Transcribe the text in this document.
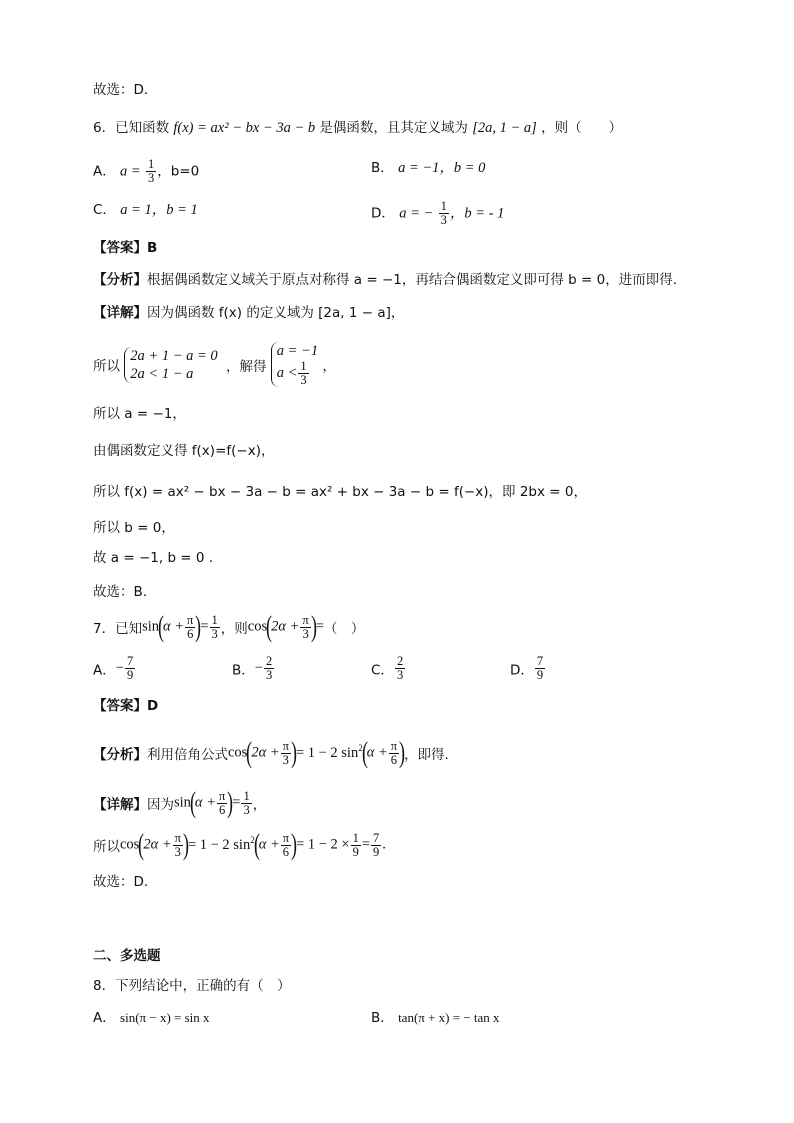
故选：D．
6．已知函数 f(x) = ax² − bx − 3a − b 是偶函数，且其定义域为 [2a, 1 − a] ，则（　　）
A． $a = \frac{1}{3}$ ，b=0	B． a = −1，b = 0
C． a = 1，b = 1	D． a = − $\frac{1}{3}$ ，b = - 1
【答案】B
【分析】根据偶函数定义域关于原点对称得 a = −1，再结合偶函数定义即可得 b = 0，进而即得.
【详解】因为偶函数 f(x) 的定义域为 [2a, 1 − a]，
所以
2a + 1 − a = 0
2a < 1 − a	，解得
a = −1
$a < \frac{1}{3}$ ，
所以 a = −1，
由偶函数定义得 f(x)=f(−x)，
所以 f(x) = ax² − bx − 3a − b = ax² + bx − 3a − b = f(−x)，即 2bx = 0，
所以 b = 0，
故 a = −1, b = 0 .
故选：B.
7．已知$\sin(\alpha + \frac{\pi}{6}$ )= $\frac{1}{3}$ ，则$\cos(2\alpha + \frac{\pi}{3}$ )=（　）
A．− $\frac{7}{9}$	B．− $\frac{2}{3}$	C． $\frac{2}{3}$	D． $\frac{7}{9}$
【答案】D
【分析】利用倍角公式$\cos(2\alpha + \frac{\pi}{3}$ )= 1 − 2 $\sin^2(\alpha + \frac{\pi}{6}$ )，即得.
【详解】因为$\sin(\alpha + \frac{\pi}{6}$ )= $\frac{1}{3}$ ，
所以$\cos(2\alpha + \frac{\pi}{3}$ )= 1 − 2 $\sin^2(\alpha + \frac{\pi}{6}$ )= $1 - 2 \times \frac{1}{9} = \frac{7}{9}$ .
故选：D.
二、多选题
8．下列结论中，正确的有（　）
A． sin(π − x) = sin x	B． tan(π + x) = − tan x
